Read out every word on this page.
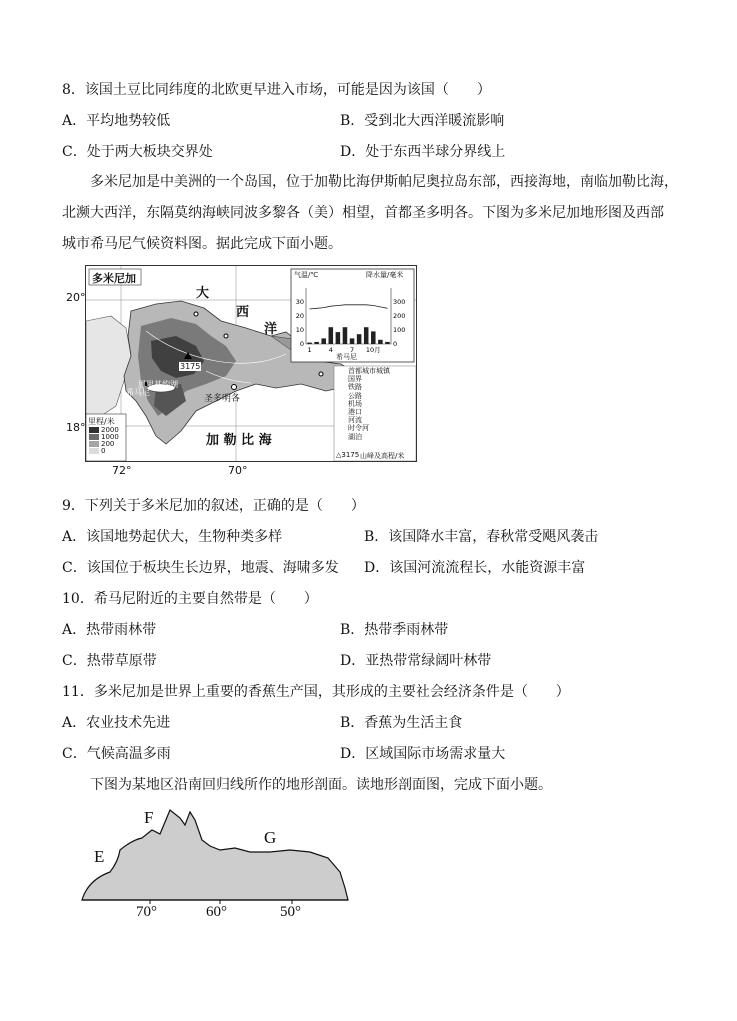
8．该国土豆比同纬度的北欧更早进入市场，可能是因为该国（　　）
A．平均地势较低	B．受到北大西洋暖流影响
C．处于两大板块交界处	D．处于东西半球分界线上
多米尼加是中美洲的一个岛国，位于加勒比海伊斯帕尼奥拉岛东部，西接海地，南临加勒比海，
北濒大西洋，东隔莫纳海峡同波多黎各（美）相望，首都圣多明各。下图为多米尼加地形图及西部
城市希马尼气候资料图。据此完成下面小题。
20°
18°
72°	70°
30
20
10
0
300
200
100
0
1	4	7 10月
多米尼加
大
西
洋
加 勒 比 海
3175
恩里基约湖
希马尼
圣多明各
里程/米
2000
1000
200
0
首都城市城镇
国界
铁路
公路
机场
港口
河流
时令河
湖泊
△3175 山峰及高程/米
气温/℃	降水量/毫米
希马尼
9．下列关于多米尼加的叙述，正确的是（　　）
A．该国地势起伏大，生物种类多样	B．该国降水丰富，春秋常受飓风袭击
C．该国位于板块生长边界，地震、海啸多发 D．该国河流流程长，水能资源丰富
10．希马尼附近的主要自然带是（　　）
A．热带雨林带	B．热带季雨林带
C．热带草原带	D．亚热带常绿阔叶林带
11．多米尼加是世界上重要的香蕉生产国，其形成的主要社会经济条件是（　　）
A．农业技术先进	B．香蕉为生活主食
C．气候高温多雨	D．区域国际市场需求量大
下图为某地区沿南回归线所作的地形剖面。读地形剖面图，完成下面小题。
E
F
G
70°	60°	50°
